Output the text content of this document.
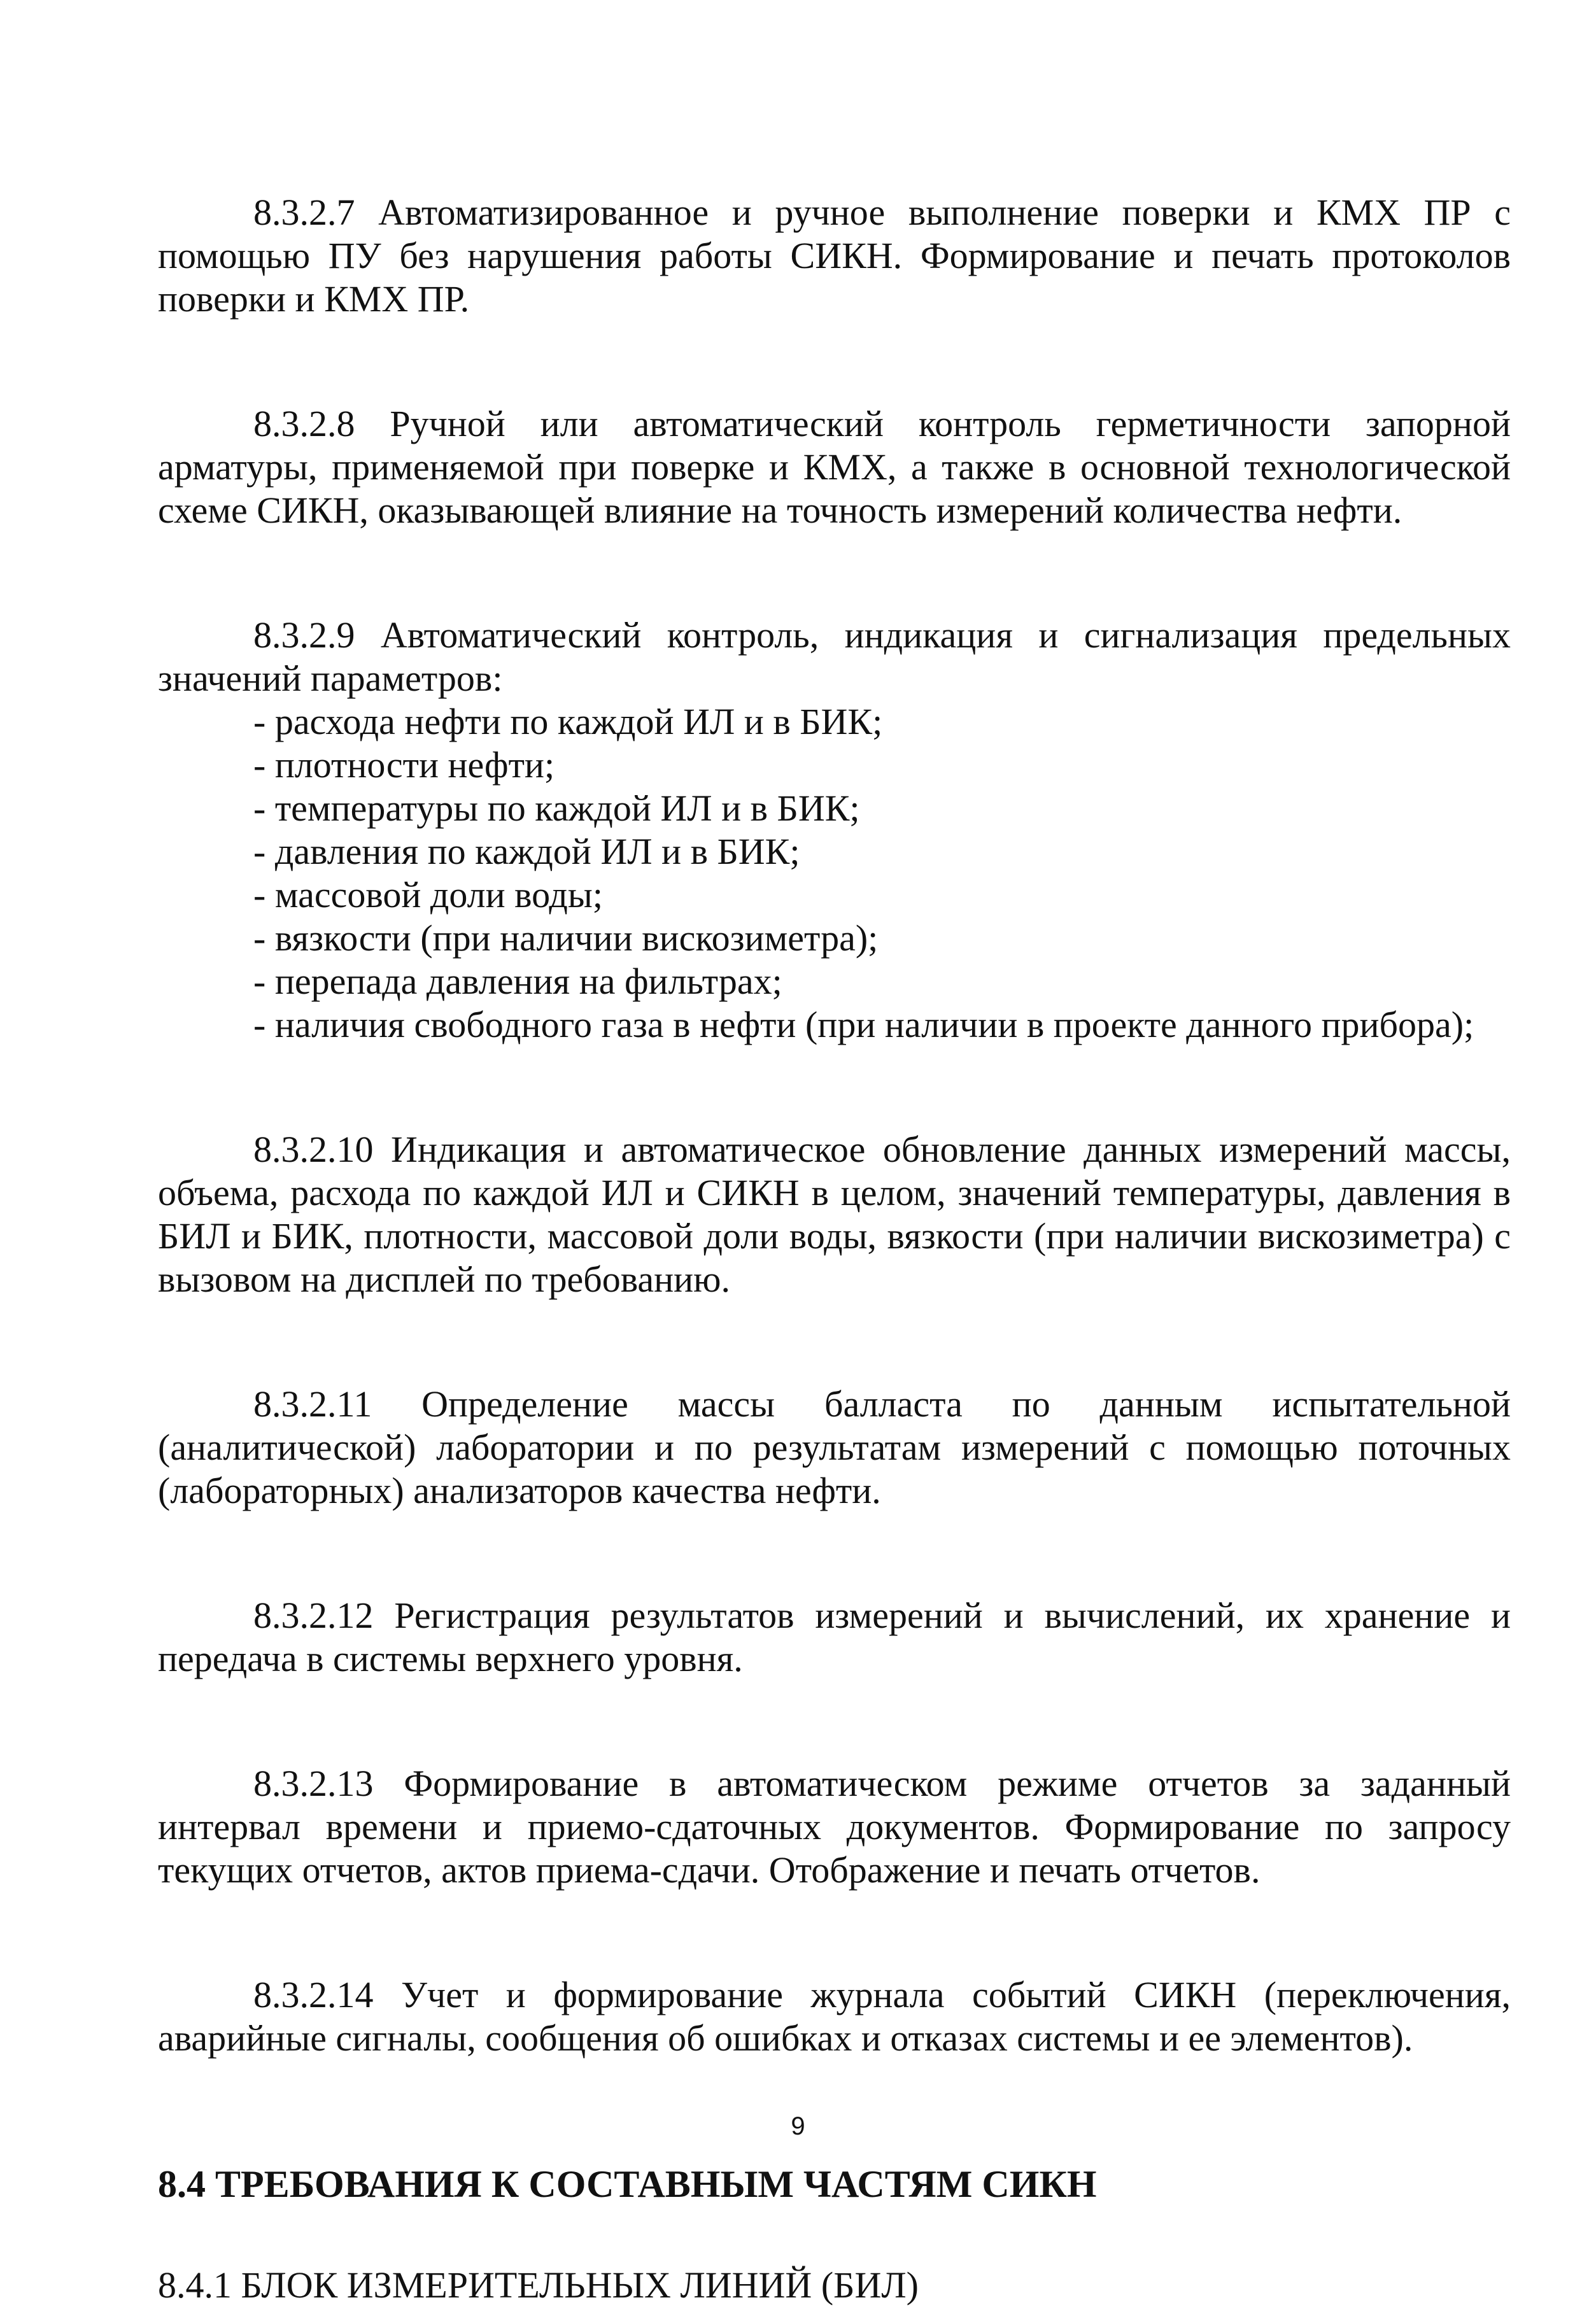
8.3.2.7 Автоматизированное и ручное выполнение поверки и КМХ ПР с помощью ПУ без нарушения работы СИКН. Формирование и печать протоколов поверки и КМХ ПР.

8.3.2.8 Ручной или автоматический контроль герметичности запорной арматуры, применяемой при поверке и КМХ, а также в основной технологической схеме СИКН, оказывающей влияние на точность измерений количества нефти.

8.3.2.9 Автоматический контроль, индикация и сигнализация предельных значений параметров:

- расхода нефти по каждой ИЛ и в БИК;
- плотности нефти;
- температуры по каждой ИЛ и в БИК;
- давления по каждой ИЛ и в БИК;
- массовой доли воды;
- вязкости (при наличии вискозиметра);
- перепада давления на фильтрах;
- наличия свободного газа в нефти (при наличии в проекте данного прибора);

8.3.2.10 Индикация и автоматическое обновление данных измерений массы, объема, расхода по каждой ИЛ и СИКН в целом, значений температуры, давления в БИЛ и БИК, плотности, массовой доли воды, вязкости (при наличии вискозиметра) с вызовом на дисплей по требованию.

8.3.2.11 Определение массы балласта по данным испытательной (аналитической) лаборатории и по результатам измерений с помощью поточных (лабораторных) анализаторов качества нефти.

8.3.2.12 Регистрация результатов измерений и вычислений, их хранение и передача в системы верхнего уровня.

8.3.2.13 Формирование в автоматическом режиме отчетов за заданный интервал времени и приемо-сдаточных документов. Формирование по запросу текущих отчетов, актов приема-сдачи. Отображение и печать отчетов.

8.3.2.14 Учет и формирование журнала событий СИКН (переключения, аварийные сигналы, сообщения об ошибках и отказах системы и ее элементов).

8.4 ТРЕБОВАНИЯ К СОСТАВНЫМ ЧАСТЯМ СИКН

8.4.1 БЛОК ИЗМЕРИТЕЛЬНЫХ ЛИНИЙ (БИЛ)

9
